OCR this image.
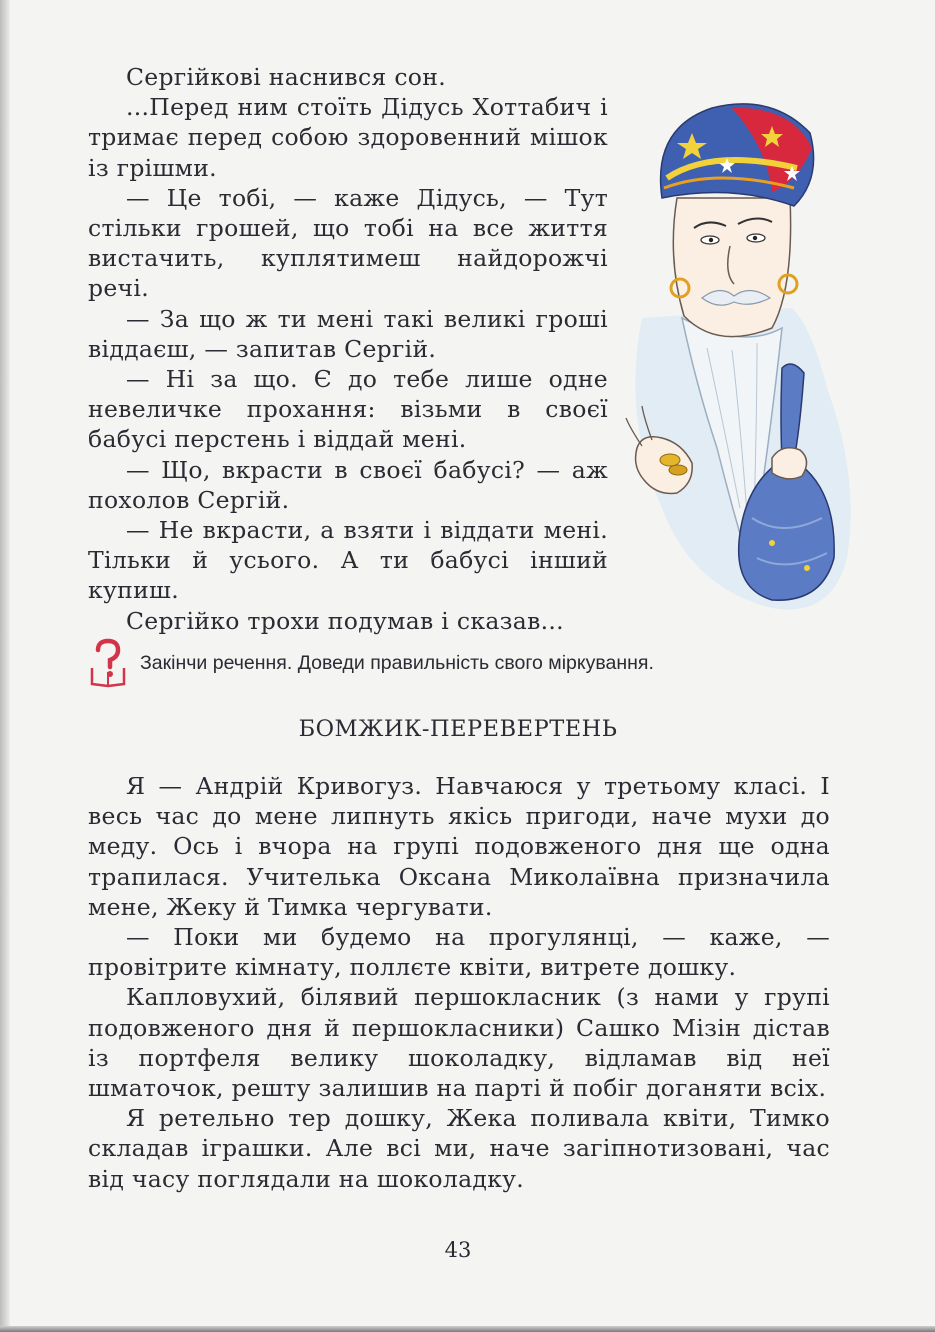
Сергійкові наснився сон.

...Перед ним стоїть Дідусь Хоттабич і тримає перед собою здоровенний мішок із грішми.

— Це тобі, — каже Дідусь, — Тут стільки грошей, що тобі на все життя вистачить, куплятимеш найдорожчі речі.

— За що ж ти мені такі великі гроші віддаєш, — запитав Сергій.

— Ні за що. Є до тебе лише одне невеличке прохання: візьми в своєї бабусі перстень і віддай мені.

— Що, вкрасти в своєї бабусі? — аж похолов Сергій.

— Не вкрасти, а взяти і віддати мені. Тільки й усього. А ти бабусі інший купиш.

Сергійко трохи подумав і сказав...

Закінчи речення. Доведи правильність свого міркування.
БОМЖИК-ПЕРЕВЕРТЕНЬ

Я — Андрій Кривогуз. Навчаюся у третьому класі. І весь час до мене липнуть якісь пригоди, наче мухи до меду. Ось і вчора на групі подовженого дня ще одна трапилася. Учителька Оксана Миколаївна призначила мене, Жеку й Тимка чергувати.

— Поки ми будемо на прогулянці, — каже, — провітрите кімнату, поллєте квіти, витрете дошку.

Капловухий, білявий першокласник (з нами у групі подовженого дня й першокласники) Сашко Мізін дістав із портфеля велику шоколадку, відламав від неї шматочок, решту залишив на парті й побіг доганяти всіх.

Я ретельно тер дошку, Жека поливала квіти, Тимко складав іграшки. Але всі ми, наче загіпнотизовані, час від часу поглядали на шоколадку.

43
